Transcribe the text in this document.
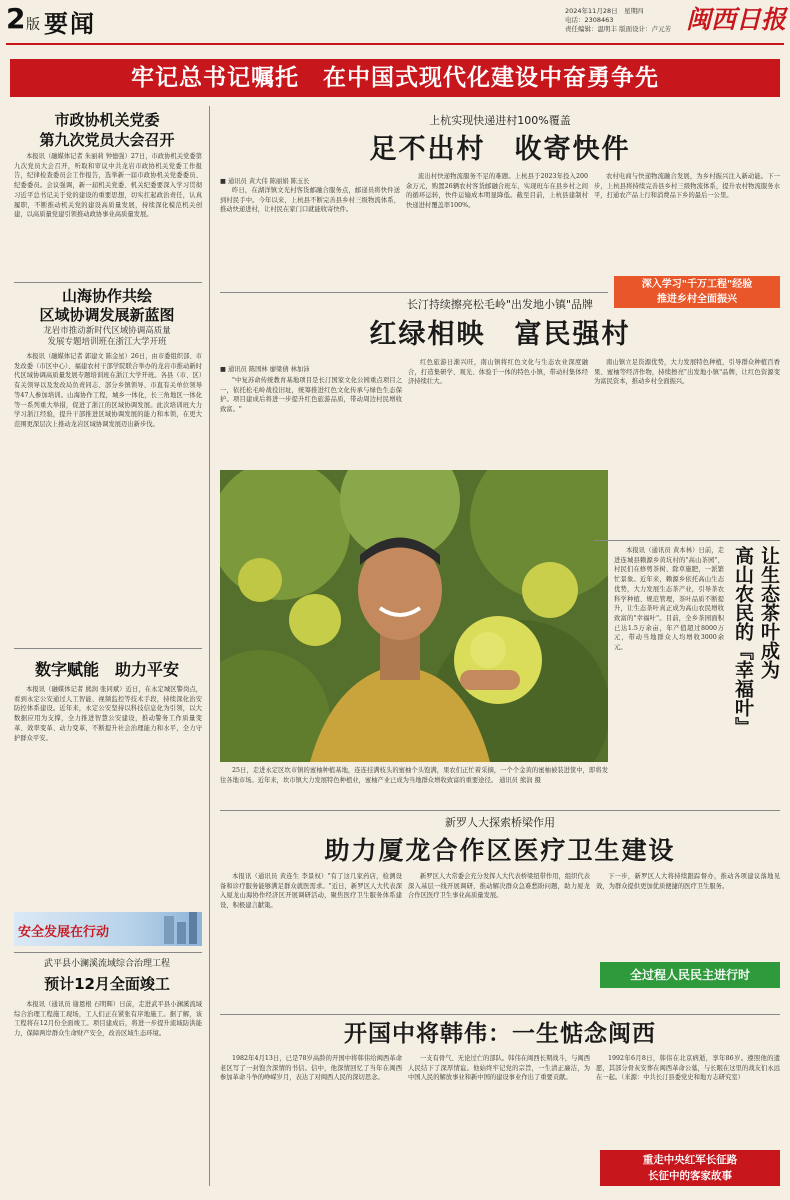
2 版 要闻	2024年11月28日　 星期四
电话：2308463
责任编辑：温明丰 版面设计：卢元芳 闽西日报
牢记总书记嘱托　在中国式现代化建设中奋勇争先
市政协机关党委
第九次党员大会召开
本报讯（融媒体记者 朱丽莉 钟德强）27日，市政协机关党委第九次党员大会召开，听取和审议中共龙岩市政协机关党委工作报告，纪律检查委员会工作报告，选举新一届市政协机关党委委员、纪委委员。会议强调，新一届机关党委、机关纪委要深入学习贯彻习近平总书记关于党的建设的重要思想，切实扛起政治责任，认真履职，不断推动机关党的建设高质量发展，持续深化模范机关创建，以高质量党建引领推动政协事业高质量发展。
山海协作共绘
区域协调发展新蓝图
龙岩市推动新时代区域协调高质量
发展专题培训班在浙江大学开班
本报讯（融媒体记者 郭建文 陈金星）26日，由市委组织部、市发改委（市区中心）、福建农村干部学院联合举办的龙岩市推动新时代区域协调高质量发展专题培训班在浙江大学开班。各县（市、区）有关领导以及发改局负责同志、部分乡镇领导、市直有关单位领导等47人参加培训。山海协作工程，城乡一体化，长三角地区一体化等一系列重大举措，促进了浙江的区域协调发展。此次培训班大力学习浙江经验，提升干部推进区域协调发展的能力和本领，在更大范围更深层次上推动龙岩区域协调发展迈出新步伐。
数字赋能　助力平安
本报讯（融媒体记者 熊润 张同斌）近日，在永定城区警岗点，看到永定公安通过人工智能、视频监控等技术手段，持续深化治安防控体系建设。近年来，永定公安坚持以科技信息化为引领，以大数据应用为支撑，全力推进智慧公安建设，推动警务工作质量变革、效率变革、动力变革，不断提升社会治理能力和水平，全力守护群众平安。
安全发展在行动
武平县小澜溪流域综合治理工程
预计12月全面竣工
本报讯（通讯员 谢恩根 石明辉）日前，走进武平县小澜溪流域综合治理工程施工现场，工人们正在紧张有序地施工。据了解，该工程将在12月份全面竣工。项目建成后，将进一步提升流域防洪能力，保障两岸群众生命财产安全，改善区域生态环境。
上杭实现快递进村100%覆盖
足不出村　收寄快件
■ 通讯员 黄大伟 陈丽娟 陈玉长
昨日，在湖洋镇文光村客货邮融合服务点，邮递员将快件送到村民手中。今年以来，上杭县不断完善县乡村三级物流体系，推动快递进村，让村民在家门口就能收寄快件。
流出村快递物流服务不足的难题。上杭县于2023年投入200余万元，购置26辆农村客货邮融合班车，实现班车在县乡村之间的循环运转，快件运输成本明显降低。截至目前，上杭县建制村快递进村覆盖率100%。
农村电商与快递物流融合发展，为乡村振兴注入新动能。下一步，上杭县将持续完善县乡村三级物流体系，提升农村物流服务水平，打通农产品上行和消费品下乡的最后一公里。
深入学习"千万工程"经验
推进乡村全面振兴
长汀持续擦亮松毛岭"出发地小镇"品牌
红绿相映　富民强村
■ 通讯员 陈国林 廖梁倩 林加沛
"中复苏命传统教育基地项目是长汀国家文化公园重点项目之一，依托松毛岭战役旧址，统筹推进红色文化传承与绿色生态保护。项目建成后将进一步提升红色旅游品质，带动周边村民增收致富。"
红色旅游日渐兴旺，南山镇将红色文化与生态农业深度融合，打造集研学、观光、体验于一体的特色小镇，带动村集体经济持续壮大。
南山镇立足资源优势，大力发展特色种植，引导群众种植百香果、蜜柚等经济作物，持续擦亮"出发地小镇"品牌，让红色资源变为富民资本，推动乡村全面振兴。
25日，走进永定区坎市镇的蜜柚种植基地，连连挂满枝头的蜜柚个头饱满，果农们正忙着采摘，一个个金黄的蜜柚被装进筐中，即将发往各地市场。近年来，坎市镇大力发展特色种植业，蜜柚产业已成为当地群众增收致富的重要途径。 通讯员 熊润 摄
让生态茶叶成为
高山农民的『幸福叶』
本报讯（通讯员 黄本林）日前，走进连城县赖源乡黄坑村的"高山茶园"，村民们在修剪茶树、除草施肥，一派繁忙景象。近年来，赖源乡依托高山生态优势，大力发展生态茶产业，引导茶农科学种植、规范管理，茶叶品质不断提升，让生态茶叶真正成为高山农民增收致富的"幸福叶"。目前，全乡茶园面积已达1.5万余亩，年产值超过8000万元，带动当地群众人均增收3000余元。
新罗人大探索桥梁作用
助力厦龙合作区医疗卫生建设
本报讯（通讯员 黄连生 李景权）"有了这几家药店，检测设备和诊疗服务能够满足群众就医需求。"近日，新罗区人大代表深入厦龙山海协作经济区开展调研活动，聚焦医疗卫生服务体系建设，积极建言献策。
新罗区人大常委会充分发挥人大代表桥梁纽带作用，组织代表深入基层一线开展调研，推动解决群众急难愁盼问题，助力厦龙合作区医疗卫生事业高质量发展。
下一步，新罗区人大将持续跟踪督办，推动各项建议落地见效，为群众提供更加优质便捷的医疗卫生服务。
全过程人民民主进行时
开国中将韩伟：一生惦念闽西
1982年4月13日，已是78岁高龄的开国中将韩伟给闽西革命老区写了一封饱含深情的书信。信中，他深情回忆了当年在闽西参加革命斗争的峥嵘岁月，表达了对闽西人民的深切思念。
一支有骨气、无论过亡的部队。韩伟在闽西长期战斗，与闽西人民结下了深厚情谊。他始终牢记党的宗旨，一生清正廉洁，为中国人民的解放事业和新中国的建设事业作出了重要贡献。
1992年6月8日，韩伟在北京病逝，享年86岁。遵照他的遗愿，其部分骨灰安葬在闽西革命公墓，与长眠在这里的战友们永远在一起。（来源：中共长汀县委党史和地方志研究室）
重走中央红军长征路
长征中的客家故事
